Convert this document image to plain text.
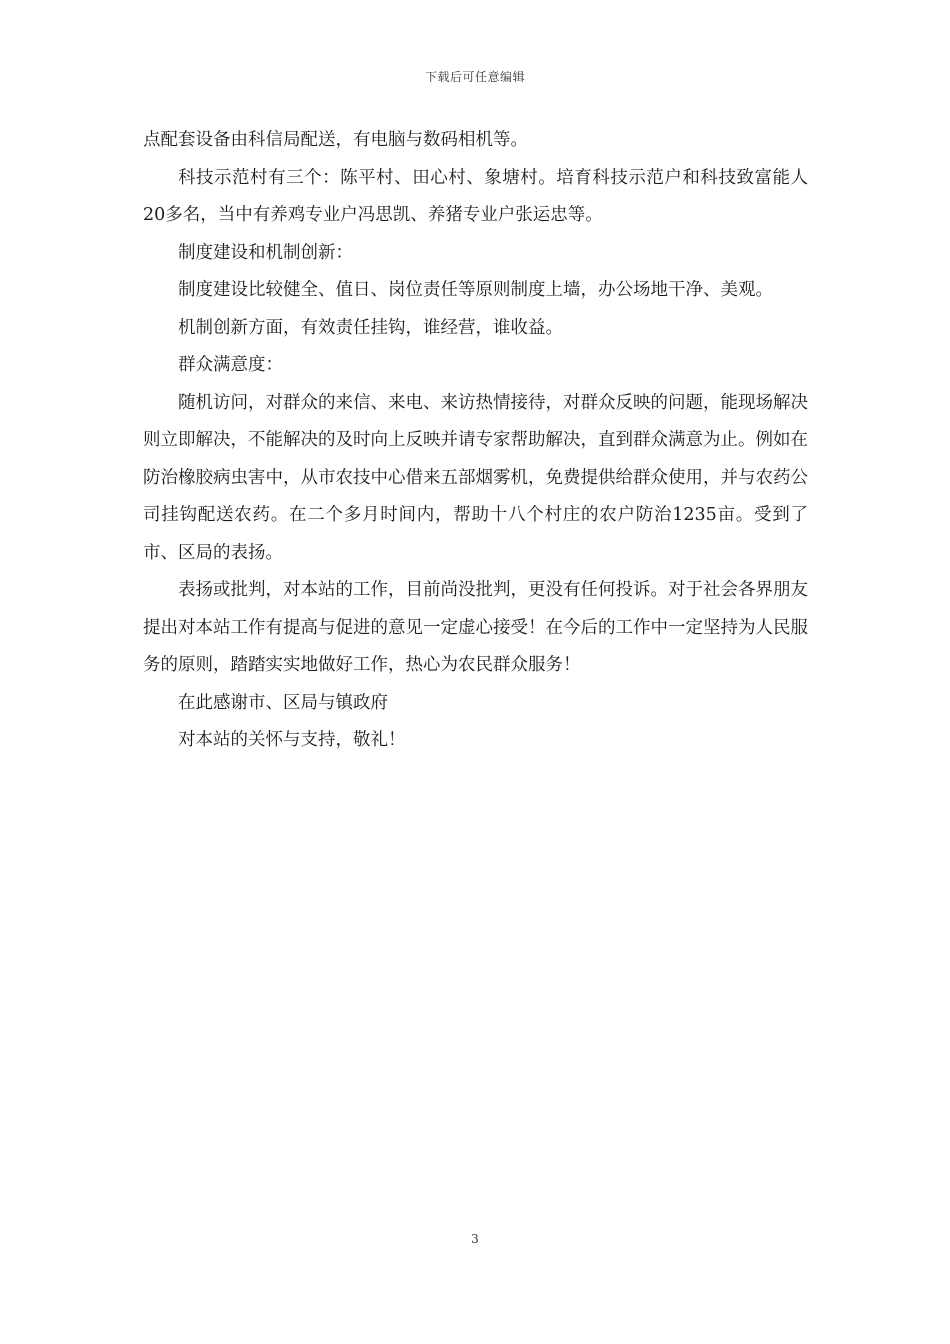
下载后可任意编辑

点配套设备由科信局配送，有电脑与数码相机等。

科技示范村有三个：陈平村、田心村、象塘村。培育科技示范户和科技致富能人20多名，当中有养鸡专业户冯思凯、养猪专业户张运忠等。

制度建设和机制创新：

制度建设比较健全、值日、岗位责任等原则制度上墙，办公场地干净、美观。

机制创新方面，有效责任挂钩，谁经营，谁收益。

群众满意度：

随机访问，对群众的来信、来电、来访热情接待，对群众反映的问题，能现场解决则立即解决，不能解决的及时向上反映并请专家帮助解决，直到群众满意为止。例如在防治橡胶病虫害中，从市农技中心借来五部烟雾机，免费提供给群众使用，并与农药公司挂钩配送农药。在二个多月时间内，帮助十八个村庄的农户防治1235亩。受到了市、区局的表扬。

表扬或批判，对本站的工作，目前尚没批判，更没有任何投诉。对于社会各界朋友提出对本站工作有提高与促进的意见一定虚心接受！在今后的工作中一定坚持为人民服务的原则，踏踏实实地做好工作，热心为农民群众服务！

在此感谢市、区局与镇政府

对本站的关怀与支持，敬礼！

3
